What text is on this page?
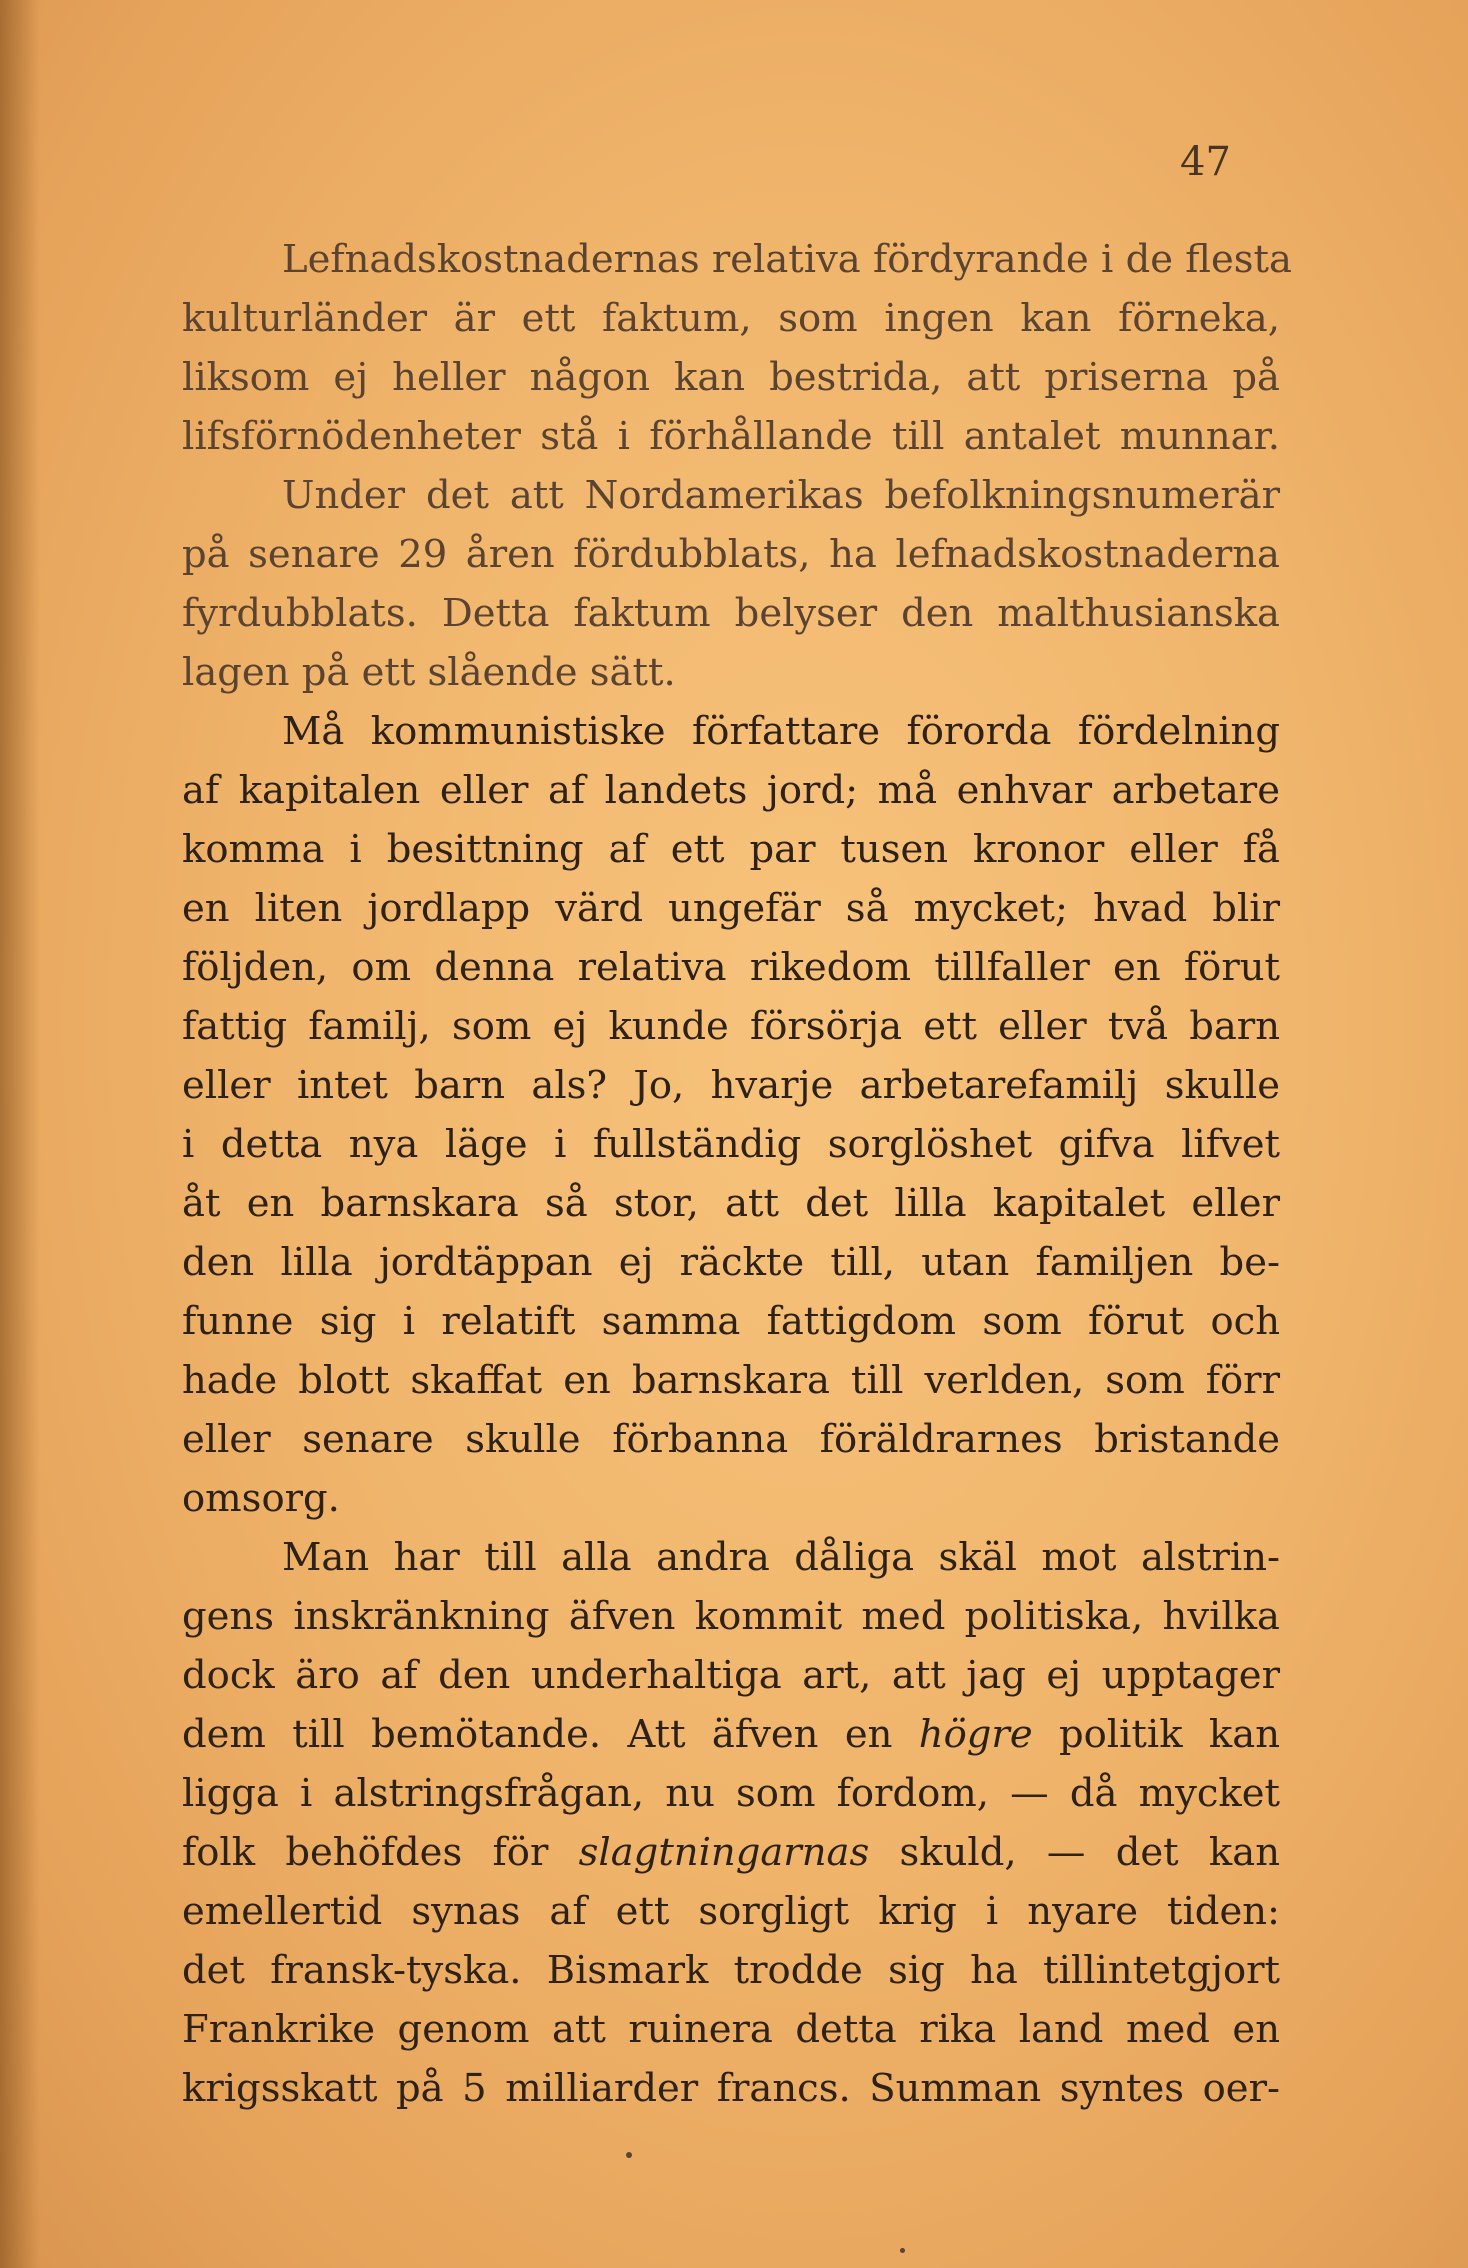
47
Lefnadskostnadernas relativa fördyrande i de flesta
kulturländer är ett faktum, som ingen kan förneka,
liksom ej heller någon kan bestrida, att priserna på
lifsförnödenheter stå i förhållande till antalet munnar.
Under det att Nordamerikas befolkningsnumerär
på senare 29 åren fördubblats, ha lefnadskostnaderna
fyrdubblats. Detta faktum belyser den malthusianska
lagen på ett slående sätt.
Må kommunistiske författare förorda fördelning
af kapitalen eller af landets jord; må enhvar arbetare
komma i besittning af ett par tusen kronor eller få
en liten jordlapp värd ungefär så mycket; hvad blir
följden, om denna relativa rikedom tillfaller en förut
fattig familj, som ej kunde försörja ett eller två barn
eller intet barn als? Jo, hvarje arbetarefamilj skulle
i detta nya läge i fullständig sorglöshet gifva lifvet
åt en barnskara så stor, att det lilla kapitalet eller
den lilla jordtäppan ej räckte till, utan familjen be-
funne sig i relatift samma fattigdom som förut och
hade blott skaffat en barnskara till verlden, som förr
eller senare skulle förbanna föräldrarnes bristande
omsorg.
Man har till alla andra dåliga skäl mot alstrin-
gens inskränkning äfven kommit med politiska, hvilka
dock äro af den underhaltiga art, att jag ej upptager
dem till bemötande. Att äfven en högre politik kan
ligga i alstringsfrågan, nu som fordom, — då mycket
folk behöfdes för slagtningarnas skuld, — det kan
emellertid synas af ett sorgligt krig i nyare tiden:
det fransk-tyska. Bismark trodde sig ha tillintetgjort
Frankrike genom att ruinera detta rika land med en
krigsskatt på 5 milliarder francs. Summan syntes oer-
